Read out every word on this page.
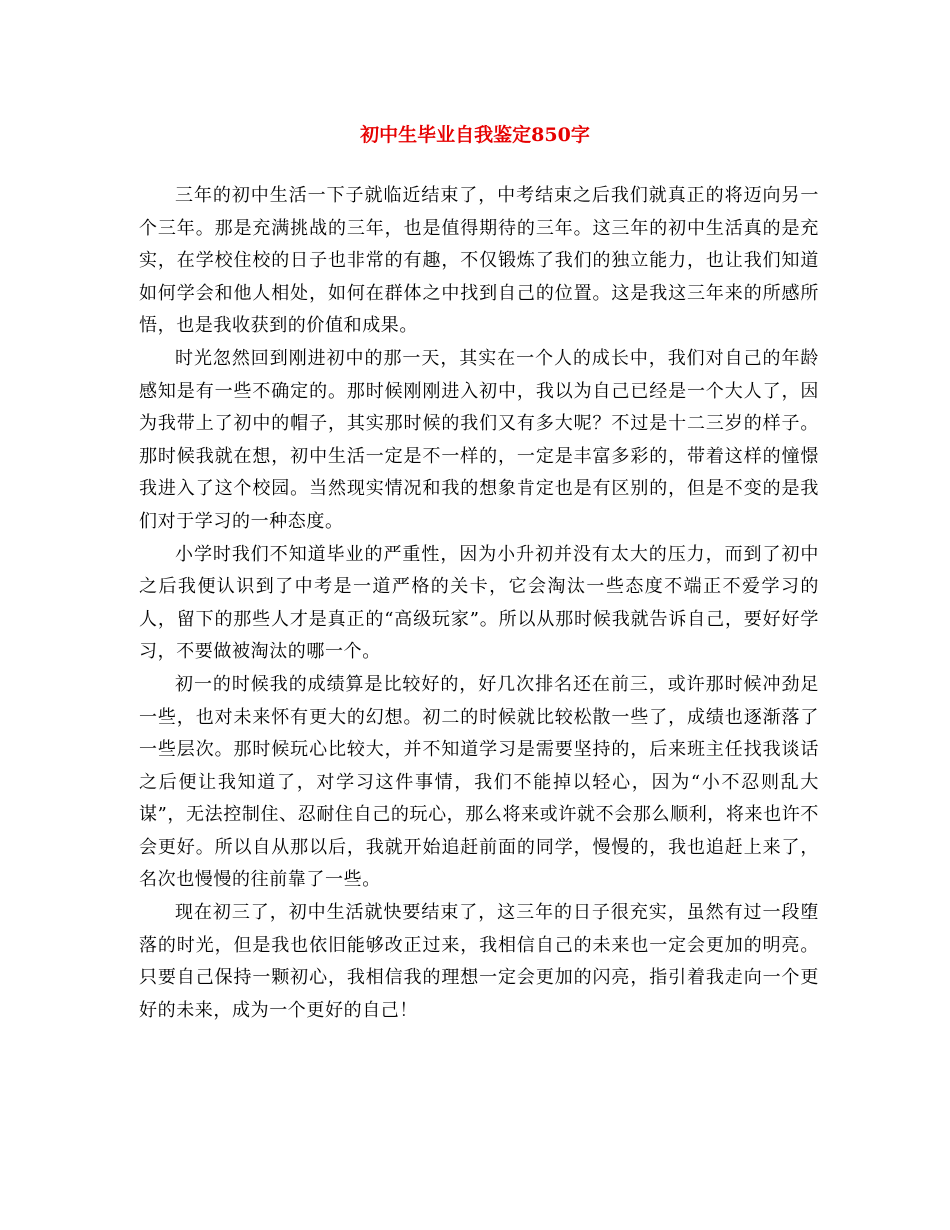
初中生毕业自我鉴定850字

三年的初中生活一下子就临近结束了，中考结束之后我们就真正的将迈向另一个三年。那是充满挑战的三年，也是值得期待的三年。这三年的初中生活真的是充实，在学校住校的日子也非常的有趣，不仅锻炼了我们的独立能力，也让我们知道如何学会和他人相处，如何在群体之中找到自己的位置。这是我这三年来的所感所悟，也是我收获到的价值和成果。

时光忽然回到刚进初中的那一天，其实在一个人的成长中，我们对自己的年龄感知是有一些不确定的。那时候刚刚进入初中，我以为自己已经是一个大人了，因为我带上了初中的帽子，其实那时候的我们又有多大呢？不过是十二三岁的样子。那时候我就在想，初中生活一定是不一样的，一定是丰富多彩的，带着这样的憧憬我进入了这个校园。当然现实情况和我的想象肯定也是有区别的，但是不变的是我们对于学习的一种态度。

小学时我们不知道毕业的严重性，因为小升初并没有太大的压力，而到了初中之后我便认识到了中考是一道严格的关卡，它会淘汰一些态度不端正不爱学习的人，留下的那些人才是真正的“高级玩家”。所以从那时候我就告诉自己，要好好学习，不要做被淘汰的哪一个。

初一的时候我的成绩算是比较好的，好几次排名还在前三，或许那时候冲劲足一些，也对未来怀有更大的幻想。初二的时候就比较松散一些了，成绩也逐渐落了一些层次。那时候玩心比较大，并不知道学习是需要坚持的，后来班主任找我谈话之后便让我知道了，对学习这件事情，我们不能掉以轻心，因为“小不忍则乱大谋”，无法控制住、忍耐住自己的玩心，那么将来或许就不会那么顺利，将来也许不会更好。所以自从那以后，我就开始追赶前面的同学，慢慢的，我也追赶上来了，名次也慢慢的往前靠了一些。

现在初三了，初中生活就快要结束了，这三年的日子很充实，虽然有过一段堕落的时光，但是我也依旧能够改正过来，我相信自己的未来也一定会更加的明亮。只要自己保持一颗初心，我相信我的理想一定会更加的闪亮，指引着我走向一个更好的未来，成为一个更好的自己！
